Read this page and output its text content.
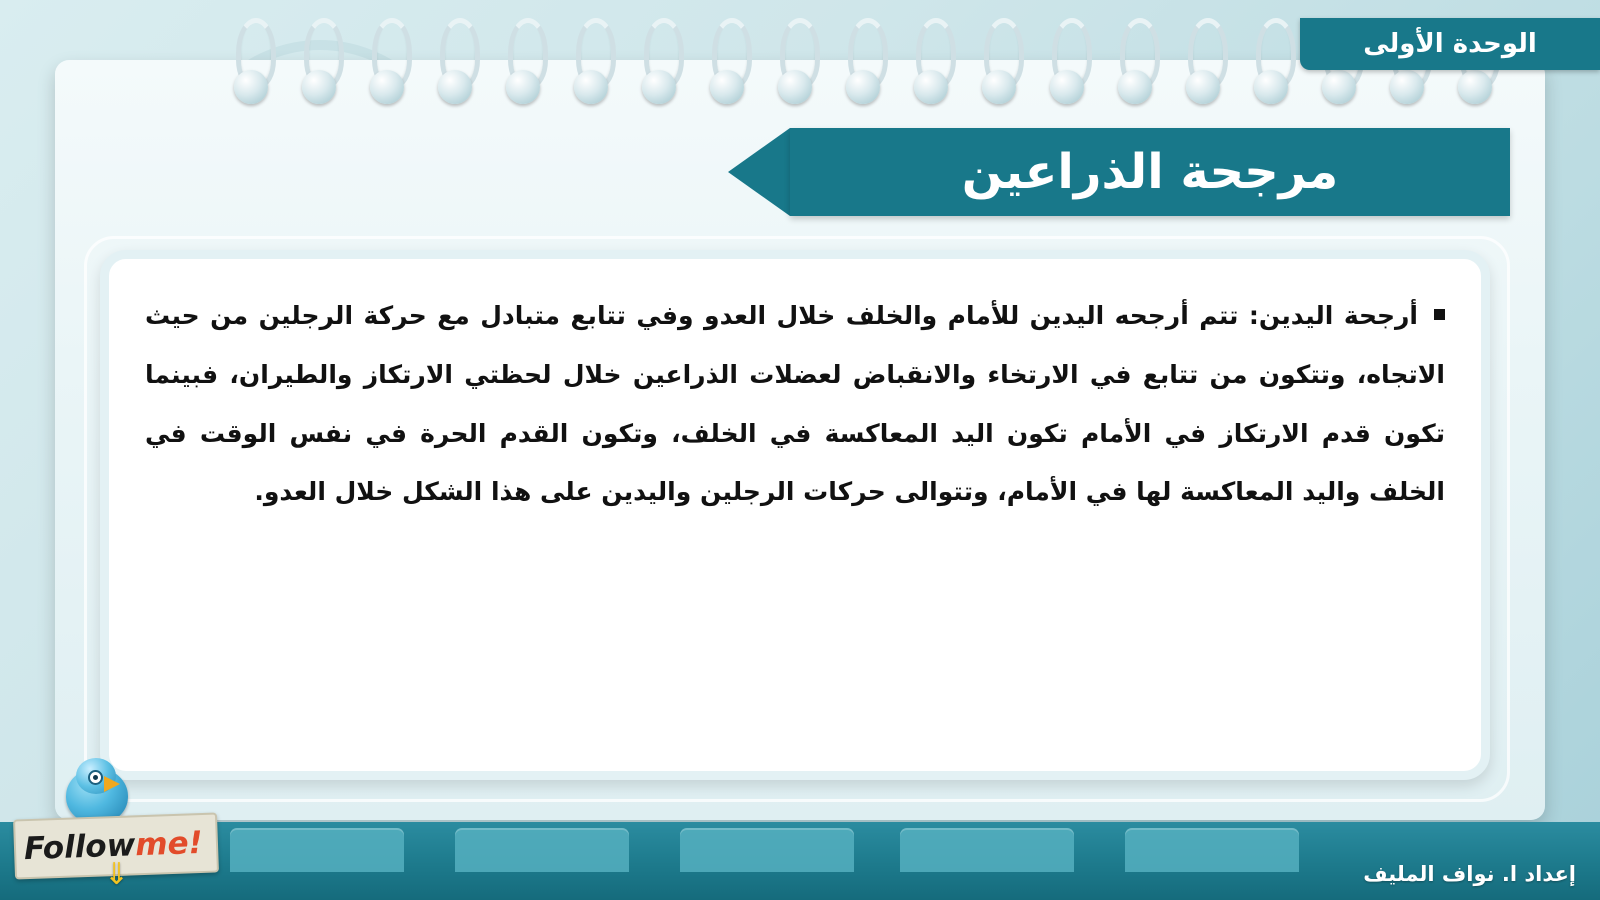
الوحدة الأولى
مرجحة الذراعين
أرجحة اليدين: تتم أرجحه اليدين للأمام والخلف خلال العدو وفي تتابع متبادل مع حركة الرجلين من حيث الاتجاه، وتتكون من تتابع في الارتخاء والانقباض لعضلات الذراعين خلال لحظتي الارتكاز والطيران، فبينما تكون قدم الارتكاز في الأمام تكون اليد المعاكسة في الخلف، وتكون القدم الحرة في نفس الوقت في الخلف واليد المعاكسة لها في الأمام، وتتوالى حركات الرجلين واليدين على هذا الشكل خلال العدو.
إعداد ا. نواف المليف
Followme!
⇓
